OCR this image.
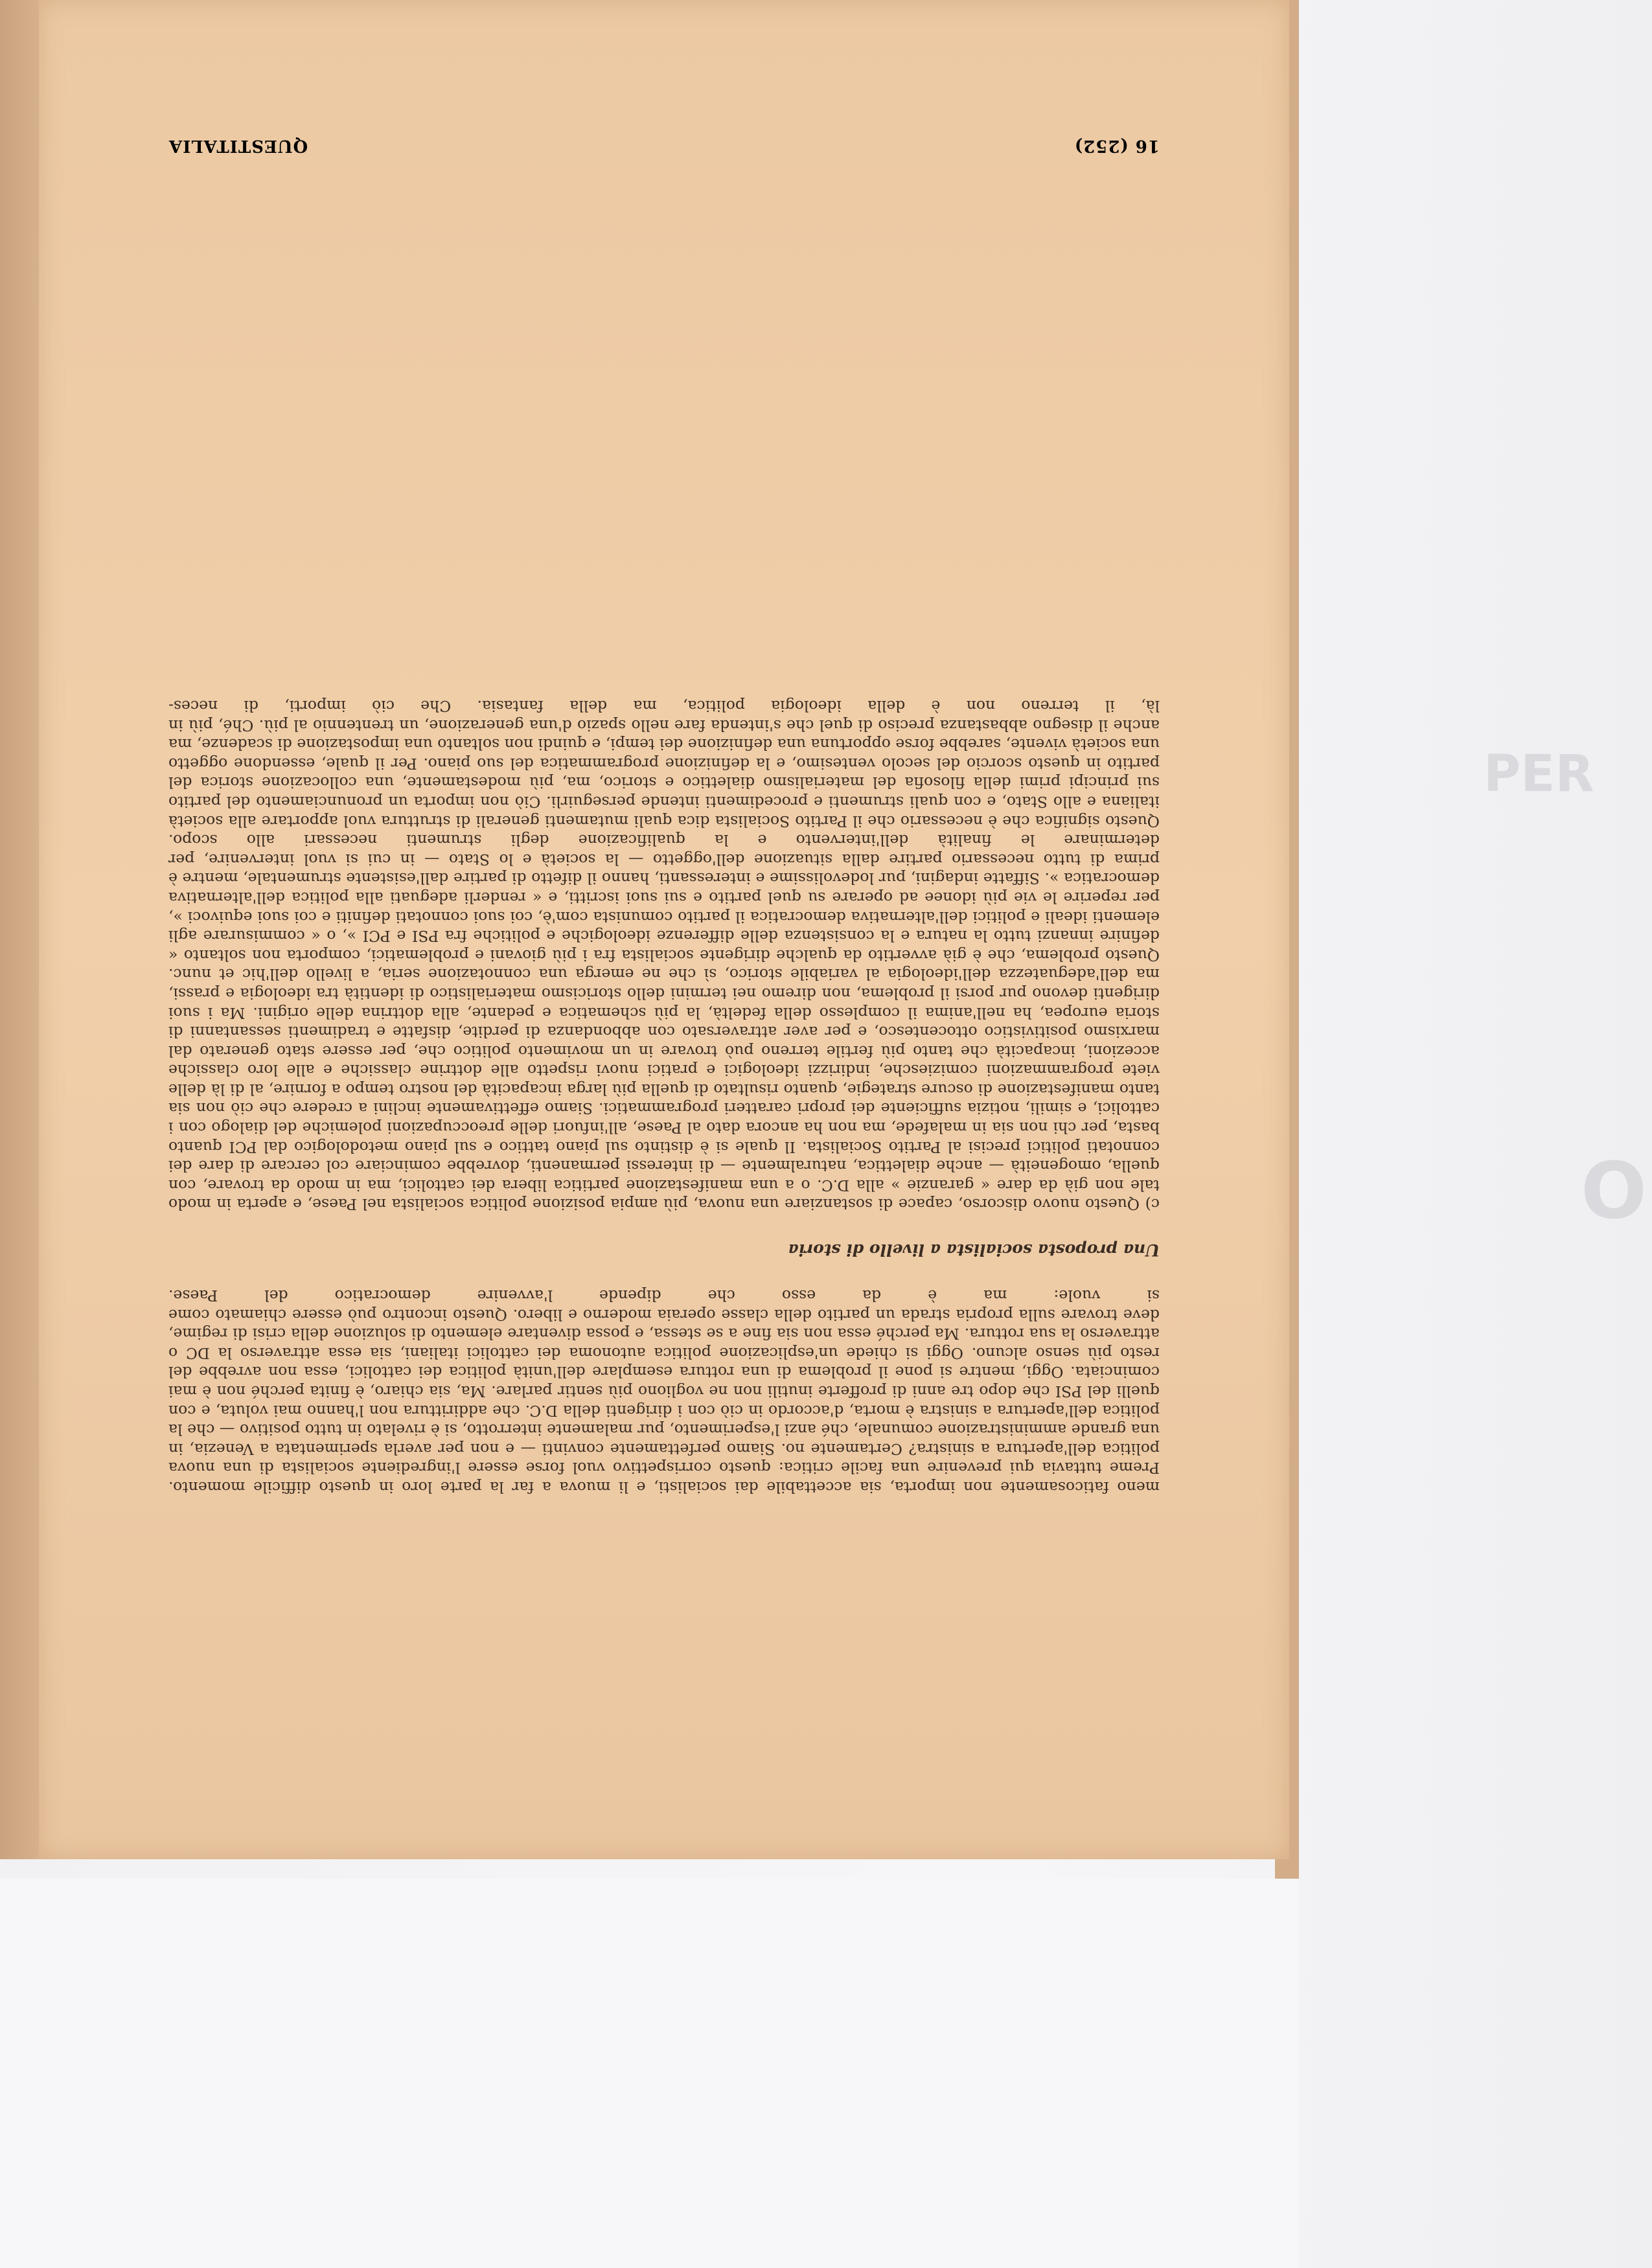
PER
O
16 (252)
QUESTITALIA

meno faticosamente non importa, sia accettabile dai socialisti, e li muova a far la parte loro in questo difficile momento.

Preme tuttavia qui prevenire una facile critica: questo corrispettivo vuol forse essere l'ingrediente socialista di una nuova politica dell'apertura a sinistra? Certamente no. Siamo perfettamente convinti — e non per averla sperimentata a Venezia, in una grande amministrazione comunale, ché anzi l'esperimento, pur malamente interrotto, si è rivelato in tutto positivo — che la politica dell'apertura a sinistra è morta, d'accordo in ciò con i dirigenti della D.C. che addirittura non l'hanno mai voluta, e con quelli del PSI che dopo tre anni di profferte inutili non ne vogliono più sentir parlare. Ma, sia chiaro, è finita perché non è mai cominciata. Oggi, mentre si pone il problema di una rottura esemplare dell'unità politica dei cattolici, essa non avrebbe del resto più senso alcuno. Oggi si chiede un'esplicazione politica autonoma dei cattolici italiani, sia essa attraverso la DC o attraverso la sua rottura. Ma perché essa non sia fine a se stessa, e possa diventare elemento di soluzione della crisi di regime, deve trovare sulla propria strada un partito della classe operaia moderno e libero. Questo incontro può essere chiamato come si vuole: ma è da esso che dipende l'avvenire democratico del Paese.

Una proposta socialista a livello di storia

c) Questo nuovo discorso, capace di sostanziare una nuova, più ampia posizione politica socialista nel Paese, e aperta in modo tale non già da dare « garanzie » alla D.C. o a una manifestazione partitica libera dei cattolici, ma in modo da trovare, con quella, omogeneità — anche dialettica, naturalmente — di interessi permanenti, dovrebbe cominciare col cercare di dare dei connotati politici precisi al Partito Socialista. Il quale si è distinto sul piano tattico e sul piano metodologico dal PCI quanto basta, per chi non sia in malafede, ma non ha ancora dato al Paese, all'infuori delle preoccupazioni polemiche del dialogo con i cattolici, e simili, notizia sufficiente dei propri caratteri programmatici. Siamo effettivamente inclini a credere che ciò non sia tanto manifestazione di oscure strategie, quanto risultato di quella più larga incapacità del nostro tempo a fornire, al di là delle viete programmazioni comiziesche, indirizzi ideologici e pratici nuovi rispetto alle dottrine classiche e alle loro classiche accezioni, incapacità che tanto più fertile terreno può trovare in un movimento politico che, per essere stato generato dal marxismo positivistico ottocentesco, e per aver attraversato con abbondanza di perdite, disfatte e tradimenti sessantanni di storia europea, ha nell'anima il complesso della fedeltà, la più schematica e pedante, alla dottrina delle origini. Ma i suoi dirigenti devono pur porsi il problema, non diremo nei termini dello storicismo materialistico di identità tra ideologia e prassi, ma dell'adeguatezza dell'ideologia al variabile storico, sì che ne emerga una connotazione seria, a livello dell'hic et nunc. Questo problema, che è già avvertito da qualche dirigente socialista fra i più giovani e problematici, comporta non soltanto « definire innanzi tutto la natura e la consistenza delle differenze ideologiche e politiche fra PSI e PCI », o « commisurare agli elementi ideali e politici dell'alternativa democratica il partito comunista com'è, coi suoi connotati definiti e coi suoi equivoci », per reperire le vie più idonee ad operare su quel partito e sui suoi iscritti, e « renderli adeguati alla politica dell'alternativa democratica ». Siffatte indagini, pur lodevolissime e interessanti, hanno il difetto di partire dall'esistente strumentale, mentre è prima di tutto necessario partire dalla situazione dell'oggetto — la società e lo Stato — in cui si vuol intervenire, per determinare le finalità dell'intervento e la qualificazione degli strumenti necessari allo scopo.

Questo significa che è necessario che il Partito Socialista dica quali mutamenti generali di struttura vuol apportare alla società italiana e allo Stato, e con quali strumenti e procedimenti intende perseguirli. Ciò non importa un pronunciamento del partito sui principi primi della filosofia del materialismo dialettico e storico, ma, più modestamente, una collocazione storica del partito in questo scorcio del secolo ventesimo, e la definizione programmatica del suo piano. Per il quale, essendone oggetto una società vivente, sarebbe forse opportuna una definizione dei tempi, e quindi non soltanto una impostazione di scadenze, ma anche il disegno abbastanza preciso di quel che s'intenda fare nello spazio d'una generazione, un trentennio al più. Ché, più in là, il terreno non è della ideologia politica, ma della fantasia. Che ciò importi, di neces-
